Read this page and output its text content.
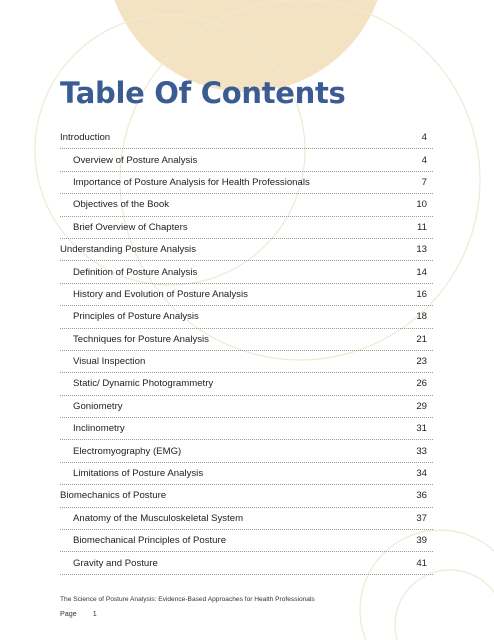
Table Of Contents
Introduction	4
Overview of Posture Analysis	4
Importance of Posture Analysis for Health Professionals	7
Objectives of the Book	10
Brief Overview of Chapters	11
Understanding Posture Analysis	13
Definition of Posture Analysis	14
History and Evolution of Posture Analysis	16
Principles of Posture Analysis	18
Techniques for Posture Analysis	21
Visual Inspection	23
Static/ Dynamic Photogrammetry	26
Goniometry	29
Inclinometry	31
Electromyography (EMG)	33
Limitations of Posture Analysis	34
Biomechanics of Posture	36
Anatomy of the Musculoskeletal System	37
Biomechanical Principles of Posture	39
Gravity and Posture	41
The Science of Posture Analysis: Evidence-Based Approaches for Health Professionals
Page 1
